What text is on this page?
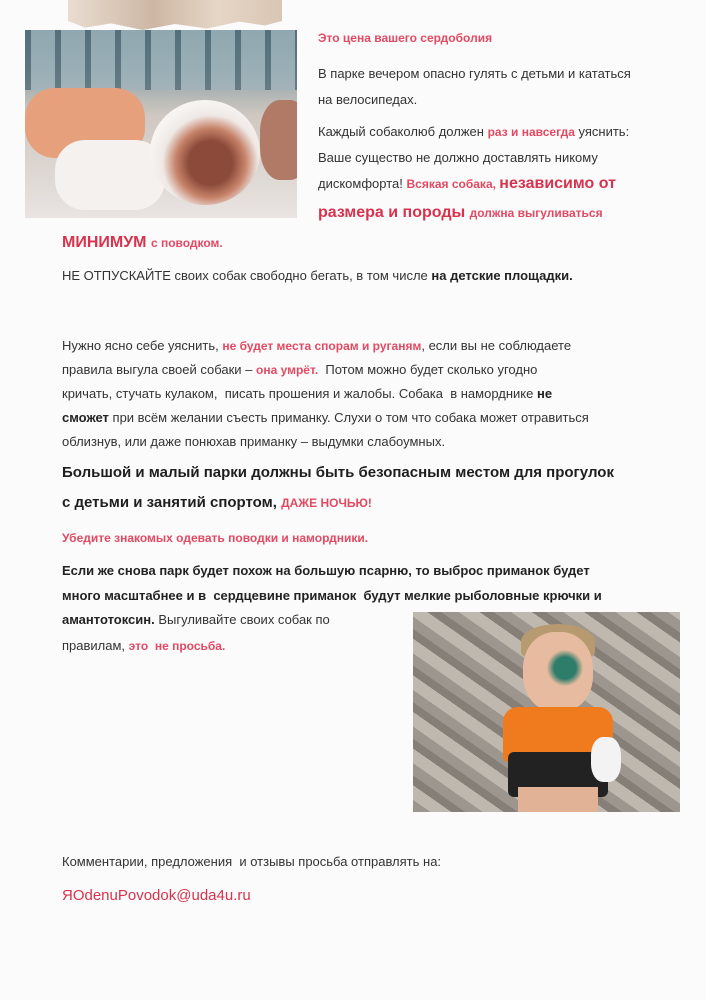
Это цена вашего сердоболия
В парке вечером опасно гулять с детьми и кататься
на велосипедах.
Каждый собаколюб должен раз и навсегда уяснить:
Ваше существо не должно доставлять никому
дискомфорта! Всякая собака, независимо от
размера и породы должна выгуливаться
МИНИМУМ с поводком.
НЕ ОТПУСКАЙТЕ своих собак свободно бегать, в том числе на детские площадки.
Нужно ясно себе уяснить, не будет места спорам и руганям, если вы не соблюдаете
правила выгула своей собаки – она умрёт.  Потом можно будет сколько угодно
кричать, стучать кулаком,  писать прошения и жалобы. Собака  в наморднике не
сможет при всём желании съесть приманку. Слухи о том что собака может отравиться
облизнув, или даже понюхав приманку – выдумки слабоумных.
Большой и малый парки должны быть безопасным местом для прогулок
с детьми и занятий спортом, ДАЖЕ НОЧЬЮ!
Убедите знакомых одевать поводки и намордники.
Если же снова парк будет похож на большую псарню, то выброс приманок будет
много масштабнее и в  сердцевине приманок  будут мелкие рыболовные крючки и
амантотоксин. Выгуливайте своих собак по
правилам, это  не просьба.
Комментарии, предложения  и отзывы просьба отправлять на:
ЯOdenuPovodok@uda4u.ru
